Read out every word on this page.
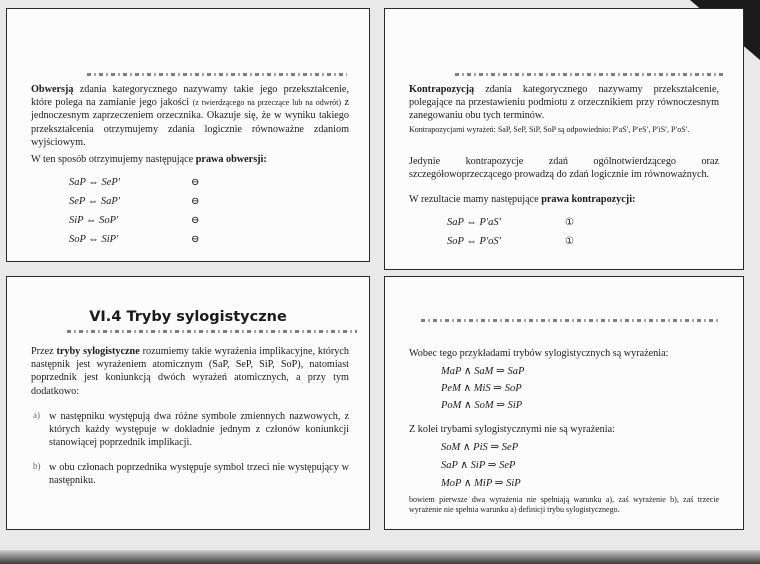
Obwersją zdania kategorycznego nazywamy takie jego przekształcenie, które polega na zamianie jego jakości (z twierdzącego na przeczące lub na odwrót) z jednoczesnym zaprzeczeniem orzecznika. Okazuje się, że w wyniku takiego przekształcenia otrzymujemy zdania logicznie równoważne zdaniom wyjściowym.
W ten sposób otrzymujemy następujące prawa obwersji:
SaP ⇔ SeP′	⊖
SeP ⇔ SaP′	⊖
SiP ⇔ SoP′	⊖
SoP ⇔ SiP′	⊖
Kontrapozycją zdania kategorycznego nazywamy przekształcenie, polegające na przestawieniu podmiotu z orzecznikiem przy równoczesnym zanegowaniu obu tych terminów.
Kontrapozycjami wyrażeń: SaP, SeP, SiP, SoP są odpowiednio: P′aS′, P′eS′, P′iS′, P′oS′.
Jedynie kontrapozycje zdań ogólnotwierdzącego oraz szczegółowoprzeczącego prowadzą do zdań logicznie im równoważnych.
W rezultacie mamy następujące prawa kontrapozycji:
SaP ⇔ P′aS′	①
SoP ⇔ P′oS′	①
VI.4 Tryby sylogistyczne
Przez tryby sylogistyczne rozumiemy takie wyrażenia implikacyjne, których następnik jest wyrażeniem atomicznym (SaP, SeP, SiP, SoP), natomiast poprzednik jest koniunkcją dwóch wyrażeń atomicznych, a przy tym dodatkowo:
a) w następniku występują dwa różne symbole zmiennych nazwowych, z których każdy występuje w dokładnie jednym z członów koniunkcji stanowiącej poprzednik implikacji.
b) w obu członach poprzednika występuje symbol trzeci nie występujący w następniku.
Wobec tego przykładami trybów sylogistycznych są wyrażenia:
MaP ∧ SaM ⇒ SaP
PeM ∧ MiS ⇒ SoP
PoM ∧ SoM ⇒ SiP
Z kolei trybami sylogistycznymi nie są wyrażenia:
SoM ∧ PiS ⇒ SeP
SaP ∧ SiP ⇒ SeP
MoP ∧ MiP ⇒ SiP
bowiem pierwsze dwa wyrażenia nie spełniają warunku a), zaś wyrażenie b), zaś trzecie wyrażenie nie spełnia warunku a) definicji trybu sylogistycznego.
